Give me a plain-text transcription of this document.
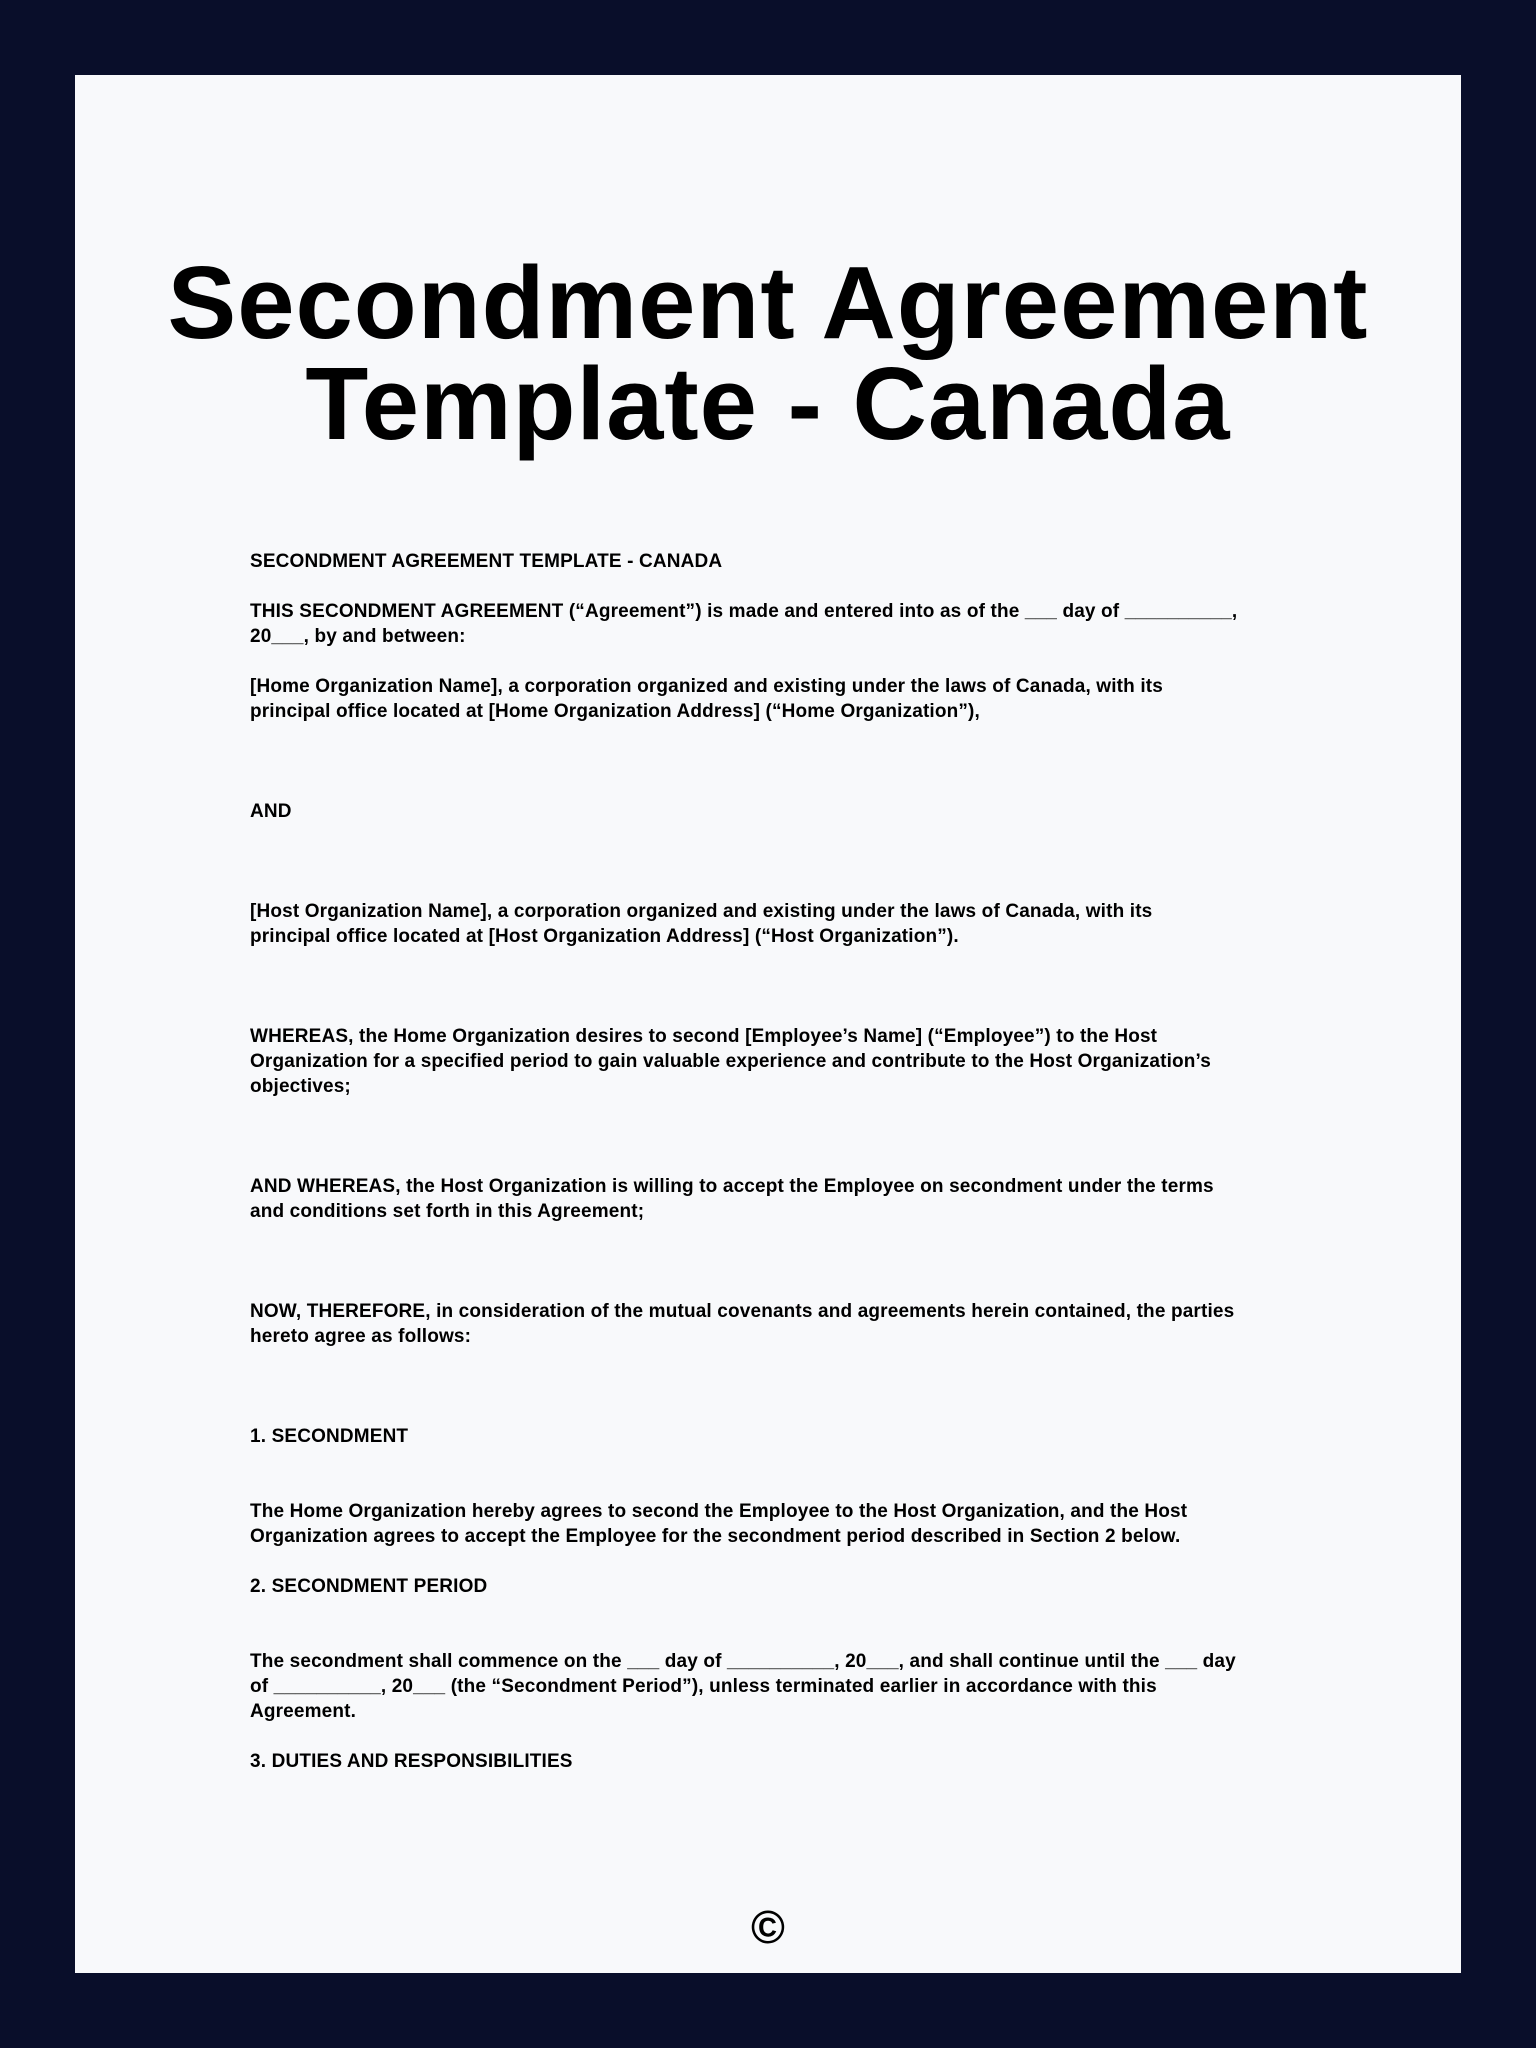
Secondment Agreement
Template - Canada

SECONDMENT AGREEMENT TEMPLATE - CANADA

THIS SECONDMENT AGREEMENT (“Agreement”) is made and entered into as of the ___ day of __________,
20___, by and between:

[Home Organization Name], a corporation organized and existing under the laws of Canada, with its
principal office located at [Home Organization Address] (“Home Organization”),

AND

[Host Organization Name], a corporation organized and existing under the laws of Canada, with its
principal office located at [Host Organization Address] (“Host Organization”).

WHEREAS, the Home Organization desires to second [Employee’s Name] (“Employee”) to the Host
Organization for a specified period to gain valuable experience and contribute to the Host Organization’s
objectives;

AND WHEREAS, the Host Organization is willing to accept the Employee on secondment under the terms
and conditions set forth in this Agreement;

NOW, THEREFORE, in consideration of the mutual covenants and agreements herein contained, the parties
hereto agree as follows:

1. SECONDMENT

The Home Organization hereby agrees to second the Employee to the Host Organization, and the Host
Organization agrees to accept the Employee for the secondment period described in Section 2 below.

2. SECONDMENT PERIOD

The secondment shall commence on the ___ day of __________, 20___, and shall continue until the ___ day
of __________, 20___ (the “Secondment Period”), unless terminated earlier in accordance with this
Agreement.

3. DUTIES AND RESPONSIBILITIES

©
